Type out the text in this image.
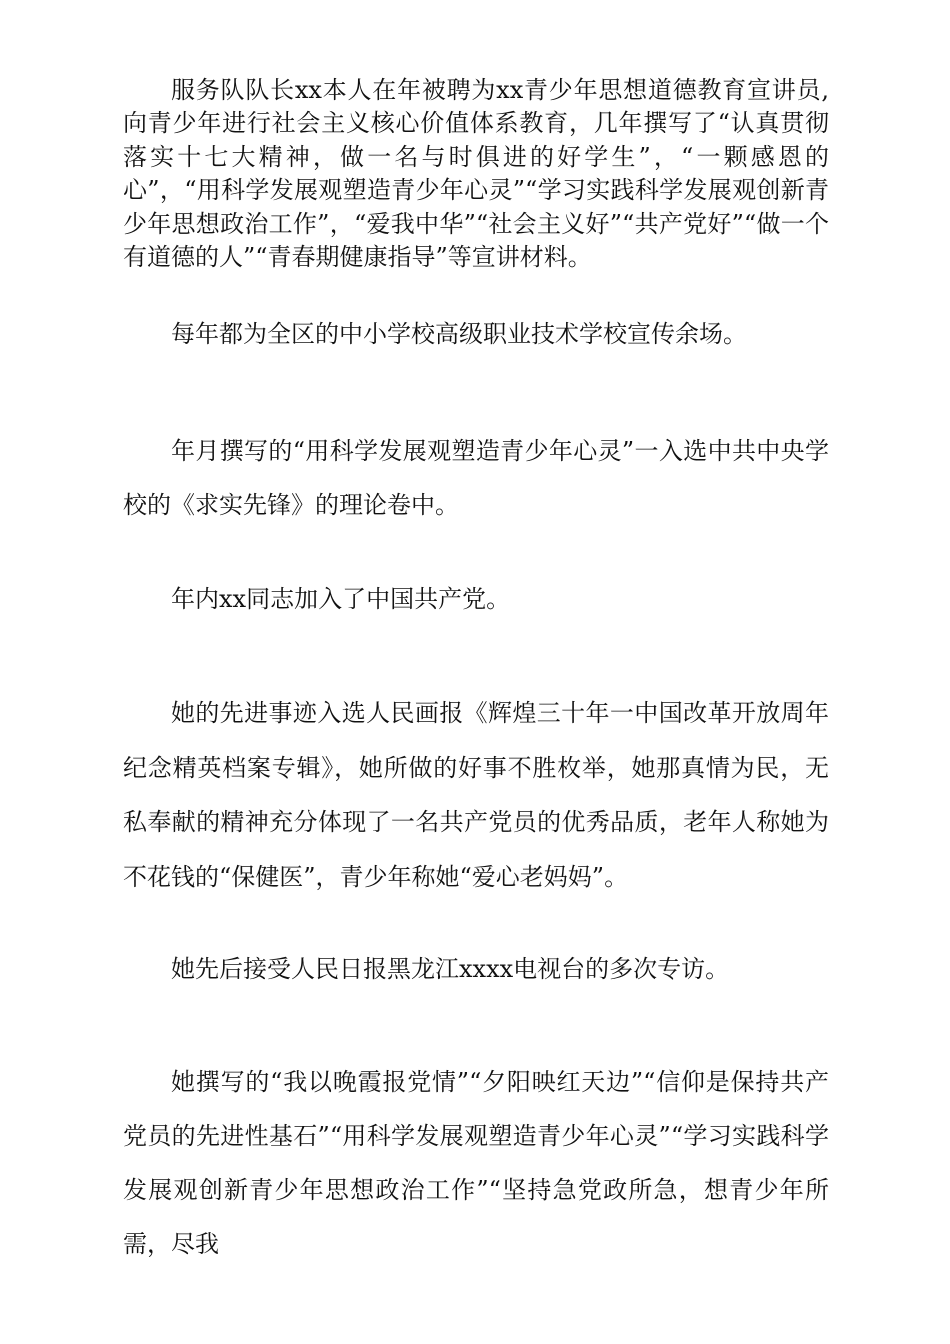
服务队队长xx本人在年被聘为xx青少年思想道德教育宣讲员,向青少年进行社会主义核心价值体系教育，几年撰写了“认真贯彻落实十七大精神，做一名与时俱进的好学生”，“一颗感恩的心”，“用科学发展观塑造青少年心灵”“学习实践科学发展观创新青少年思想政治工作”，“爱我中华”“社会主义好”“共产党好”“做一个有道德的人”“青春期健康指导”等宣讲材料。

每年都为全区的中小学校高级职业技术学校宣传余场。

年月撰写的“用科学发展观塑造青少年心灵”一入选中共中央学校的《求实先锋》的理论卷中。

年内xx同志加入了中国共产党。

她的先进事迹入选人民画报《辉煌三十年一中国改革开放周年纪念精英档案专辑》，她所做的好事不胜枚举，她那真情为民，无私奉献的精神充分体现了一名共产党员的优秀品质，老年人称她为不花钱的“保健医”，青少年称她“爱心老妈妈”。

她先后接受人民日报黑龙江xxxx电视台的多次专访。

她撰写的“我以晚霞报党情”“夕阳映红天边”“信仰是保持共产党员的先进性基石”“用科学发展观塑造青少年心灵”“学习实践科学发展观创新青少年思想政治工作”“坚持急党政所急，想青少年所需，尽我
